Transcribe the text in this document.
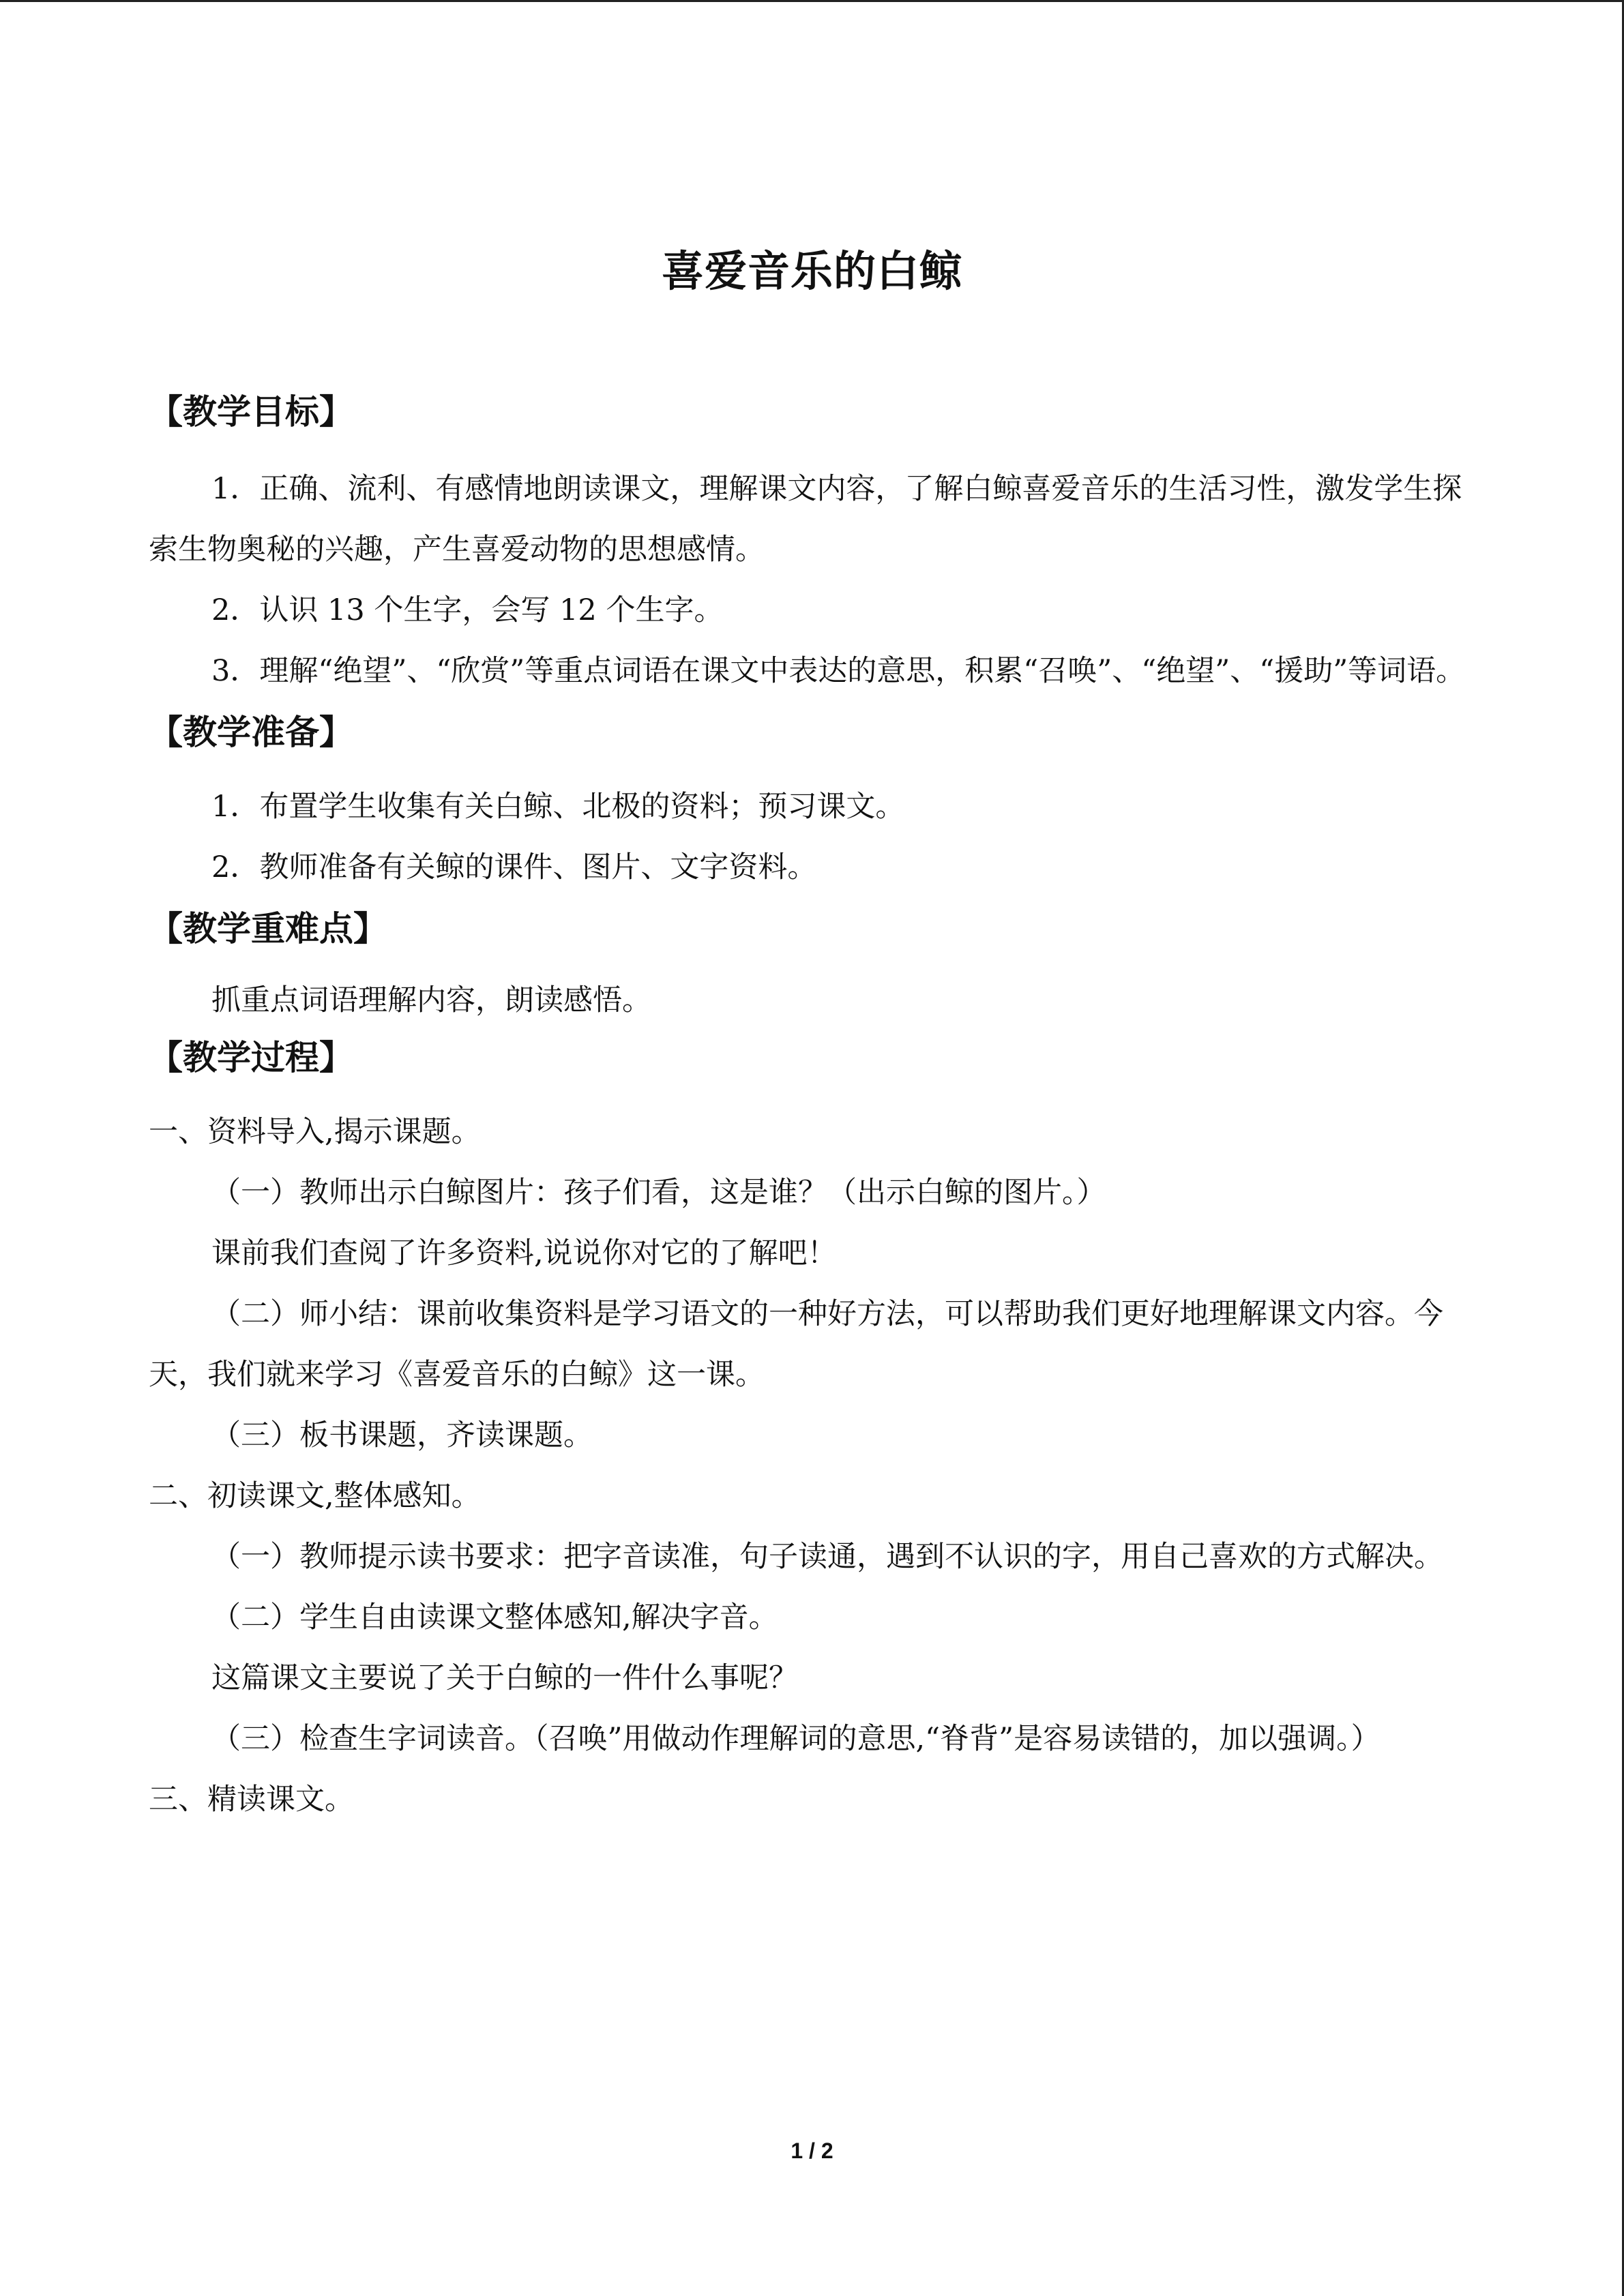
喜爱音乐的白鲸
【教学目标】

1．正确、流利、有感情地朗读课文，理解课文内容，了解白鲸喜爱音乐的生活习性，激发学生探索生物奥秘的兴趣，产生喜爱动物的思想感情。

2．认识 13 个生字，会写 12 个生字。

3．理解“绝望”、“欣赏”等重点词语在课文中表达的意思，积累“召唤”、“绝望”、“援助”等词语。

【教学准备】

1．布置学生收集有关白鲸、北极的资料；预习课文。

2．教师准备有关鲸的课件、图片、文字资料。

【教学重难点】

抓重点词语理解内容，朗读感悟。

【教学过程】

一、资料导入,揭示课题。

（一）教师出示白鲸图片：孩子们看，这是谁？（出示白鲸的图片。）

课前我们查阅了许多资料,说说你对它的了解吧！

（二）师小结：课前收集资料是学习语文的一种好方法，可以帮助我们更好地理解课文内容。今天，我们就来学习《喜爱音乐的白鲸》这一课。

（三）板书课题，齐读课题。

二、初读课文,整体感知。

（一）教师提示读书要求：把字音读准，句子读通，遇到不认识的字，用自己喜欢的方式解决。

（二）学生自由读课文整体感知,解决字音。

这篇课文主要说了关于白鲸的一件什么事呢？

（三）检查生字词读音。（召唤”用做动作理解词的意思,“脊背”是容易读错的，加以强调。）

三、精读课文。

1 / 2
